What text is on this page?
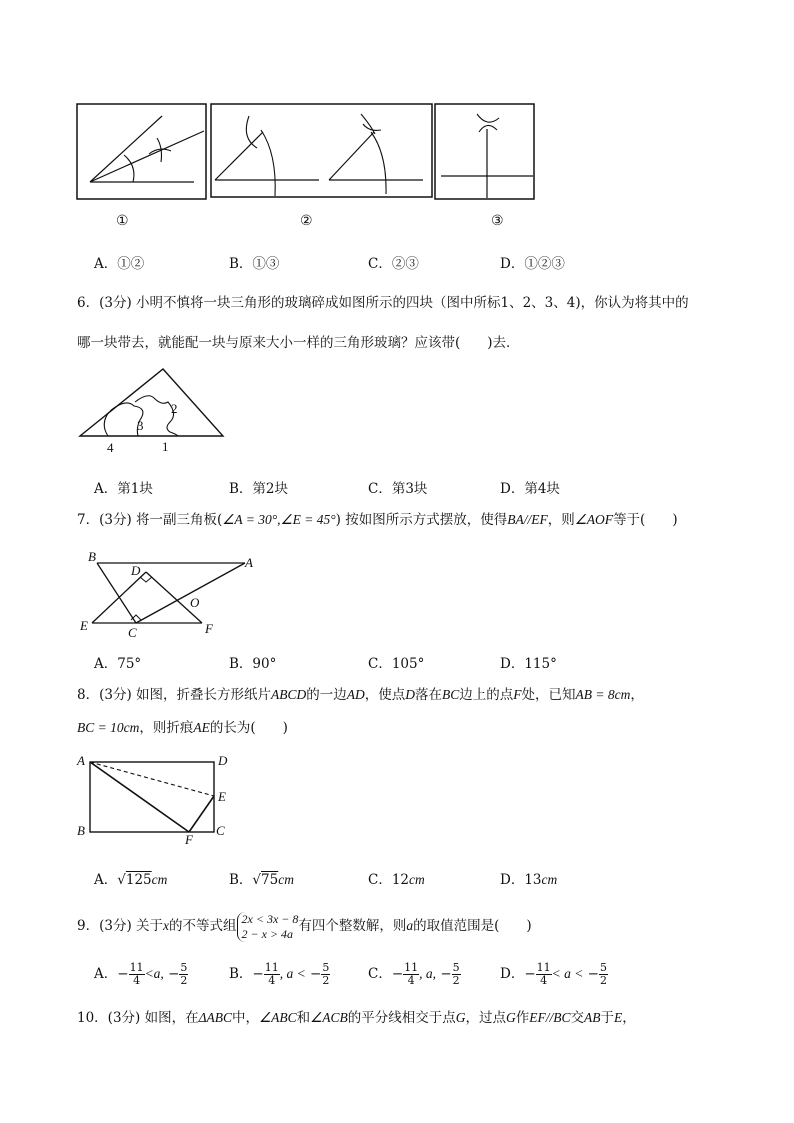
①	②	③
A．①②	B．①③	C．②③	D．①②③
6．(3分) 小明不慎将一块三角形的玻璃碎成如图所示的四块（图中所标1、2、3、4)，你认为将其中的
哪一块带去，就能配一块与原来大小一样的三角形玻璃？应该带(　　)去．
2
3
1
4
A．第1块	B．第2块	C．第3块	D．第4块
7．(3分) 将一副三角板(∠A = 30°,∠E = 45°) 按如图所示方式摆放，使得BA//EF，则∠AOF等于(　　)
B	A
D
O
E	C	F
A．75°	B．90°	C．105°	D．115°
8．(3分) 如图，折叠长方形纸片ABCD的一边AD，使点D落在BC边上的点F处，已知AB = 8cm，
BC = 10cm，则折痕AE的长为(　　)
A	D
E
B	C
F
A．√125cm	B．√75cm	C．12cm	D．13cm
9．(3分) 关于x的不等式组 2x < 3x − 8
2 − x > 4a 有四个整数解，则a的取值范围是(　　)
A．− $\frac{11}{4} <a$, − $\frac{5}{2}$	B．− $\frac{11}{4}$ , a < − $\frac{5}{2}$	C．− $\frac{11}{4}$ , a, − $\frac{5}{2}$	D．− $\frac{11}{4} < a$ < − $\frac{5}{2}$
10．(3分) 如图，在ΔABC中，∠ABC和∠ACB的平分线相交于点G，过点G作EF//BC交AB于E，
